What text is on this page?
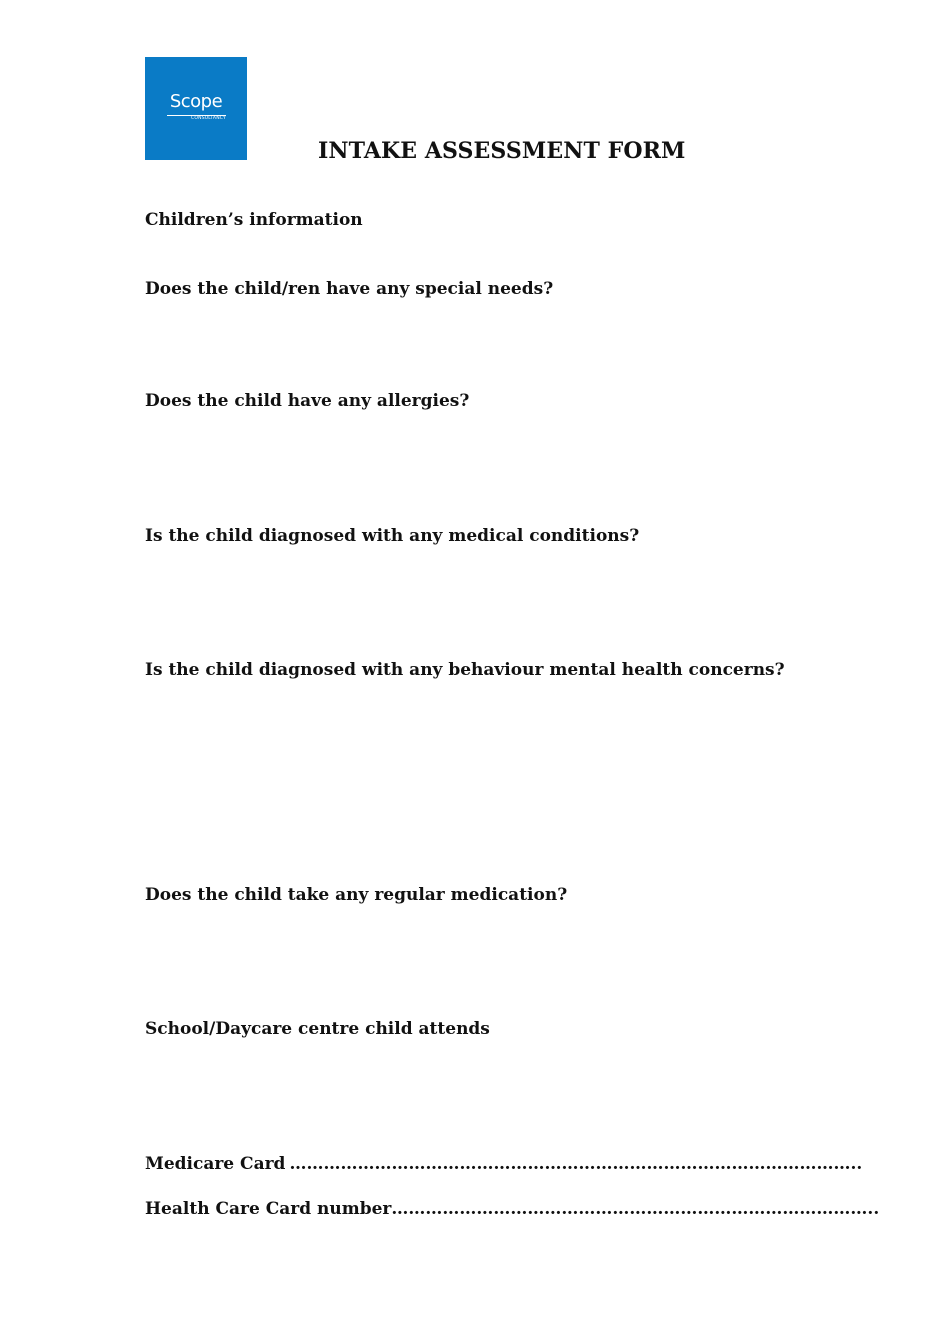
Scope
CONSULTANCY
INTAKE ASSESSMENT FORM
Children’s information
Does the child/ren have any special needs?
Does the child have any allergies?
Is the child diagnosed with any medical conditions?
Is the child diagnosed with any behaviour mental health concerns?
Does the child take any regular medication?
School/Daycare centre child attends
Medicare Card ………………………………………………………………………………………..
Health Care Card number …………………………………………………………………………..
